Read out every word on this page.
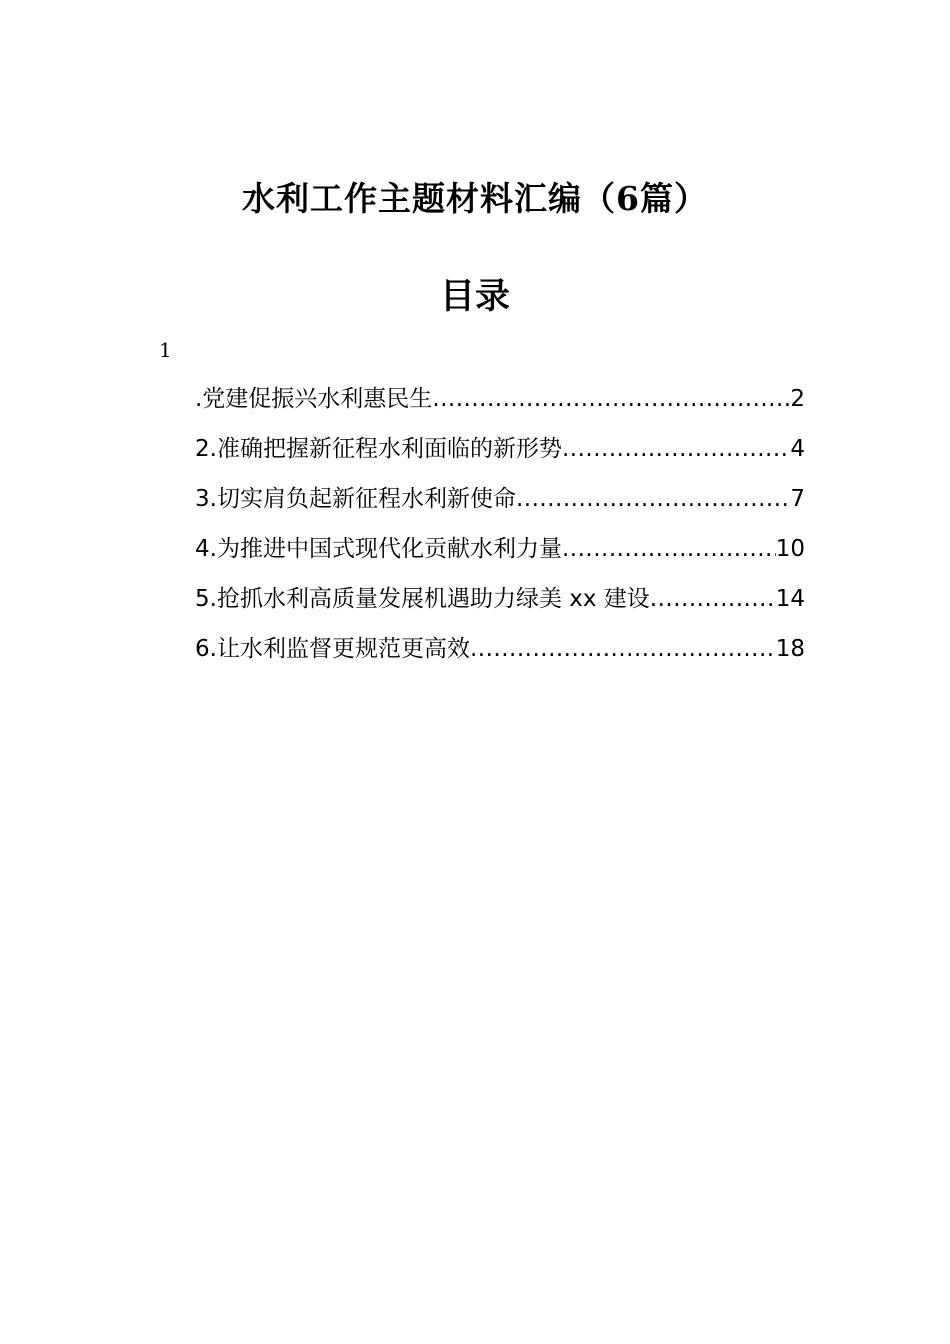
水利工作主题材料汇编（6篇）
目录
1
.党建促振兴水利惠民生 .....	2
2.准确把握新征程水利面临的新形势 .....	4
3.切实肩负起新征程水利新使命 .....	7
4.为推进中国式现代化贡献水利力量 .....	10
5.抢抓水利高质量发展机遇助力绿美 xx 建设 .....	14
6.让水利监督更规范更高效 .....	18
